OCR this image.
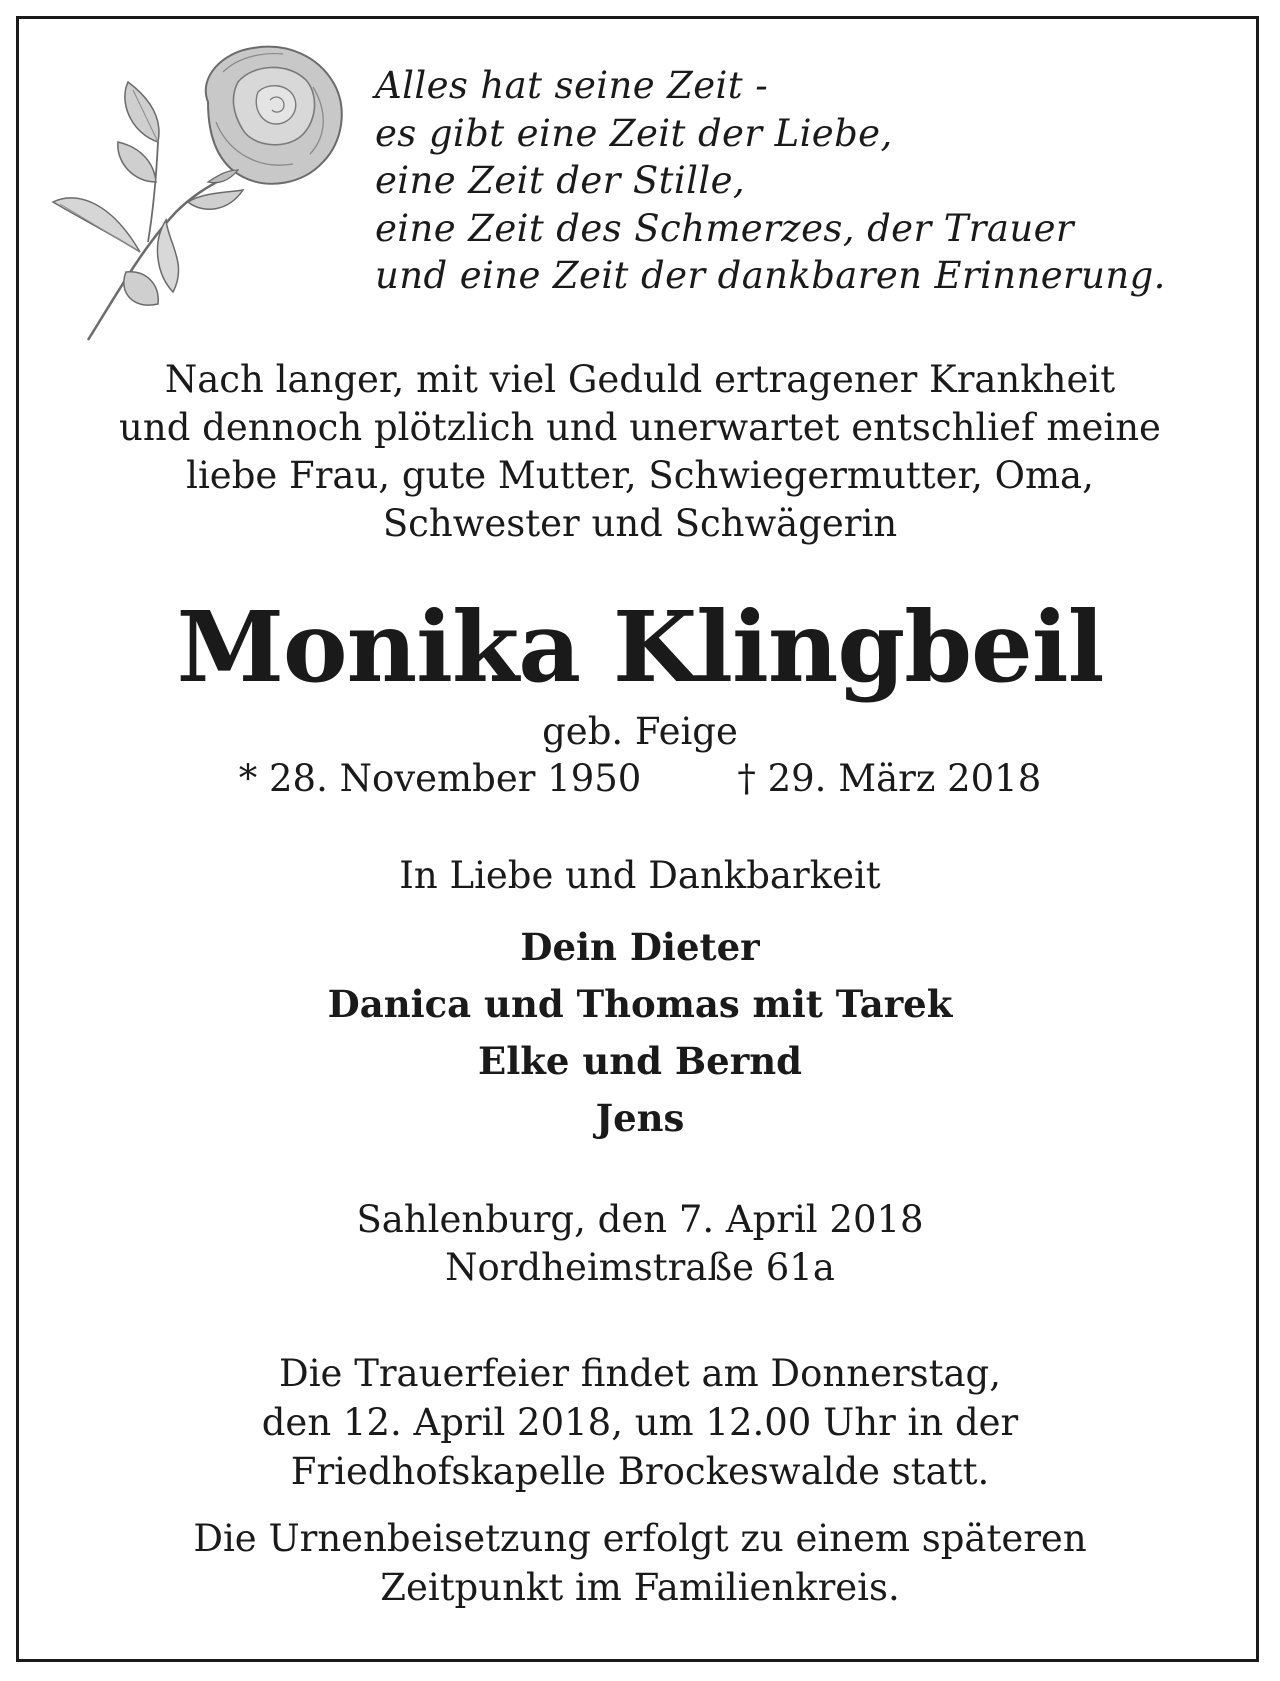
Alles hat seine Zeit -
es gibt eine Zeit der Liebe,
eine Zeit der Stille,
eine Zeit des Schmerzes, der Trauer
und eine Zeit der dankbaren Erinnerung.
Nach langer, mit viel Geduld ertragener Krankheit
und dennoch plötzlich und unerwartet entschlief meine
liebe Frau, gute Mutter, Schwiegermutter, Oma,
Schwester und Schwägerin
Monika Klingbeil
geb. Feige
* 28. November 1950	† 29. März 2018
In Liebe und Dankbarkeit
Dein Dieter
Danica und Thomas mit Tarek
Elke und Bernd
Jens
Sahlenburg, den 7. April 2018
Nordheimstraße 61a
Die Trauerfeier findet am Donnerstag,
den 12. April 2018, um 12.00 Uhr in der
Friedhofskapelle Brockeswalde statt.
Die Urnenbeisetzung erfolgt zu einem späteren
Zeitpunkt im Familienkreis.
